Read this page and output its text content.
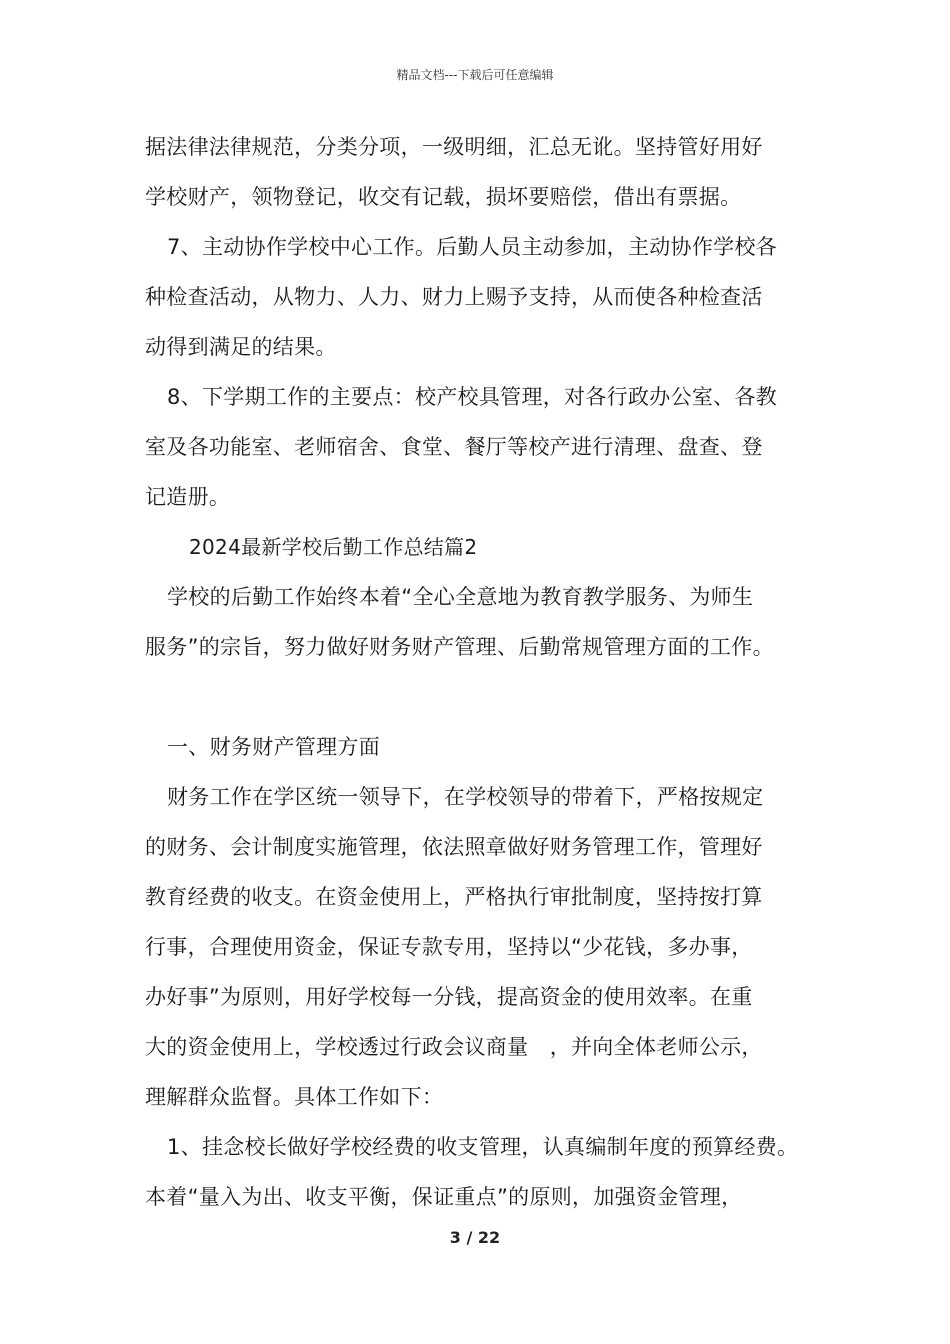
精品文档---下载后可任意编辑
据法律法律规范，分类分项，一级明细，汇总无讹。坚持管好用好
学校财产，领物登记，收交有记载，损坏要赔偿，借出有票据。
7、主动协作学校中心工作。后勤人员主动参加，主动协作学校各
种检查活动，从物力、人力、财力上赐予支持，从而使各种检查活
动得到满足的结果。
8、下学期工作的主要点：校产校具管理，对各行政办公室、各教
室及各功能室、老师宿舍、食堂、餐厅等校产进行清理、盘查、登
记造册。
2024最新学校后勤工作总结篇2
学校的后勤工作始终本着“全心全意地为教育教学服务、为师生
服务”的宗旨，努力做好财务财产管理、后勤常规管理方面的工作。
一、财务财产管理方面
财务工作在学区统一领导下，在学校领导的带着下，严格按规定
的财务、会计制度实施管理，依法照章做好财务管理工作，管理好
教育经费的收支。在资金使用上，严格执行审批制度，坚持按打算
行事，合理使用资金，保证专款专用，坚持以“少花钱，多办事，
办好事”为原则，用好学校每一分钱，提高资金的使用效率。在重
大的资金使用上，学校透过行政会议商量　，并向全体老师公示，
理解群众监督。具体工作如下：
1、挂念校长做好学校经费的收支管理，认真编制年度的预算经费。
本着“量入为出、收支平衡，保证重点”的原则，加强资金管理，
3 / 22
